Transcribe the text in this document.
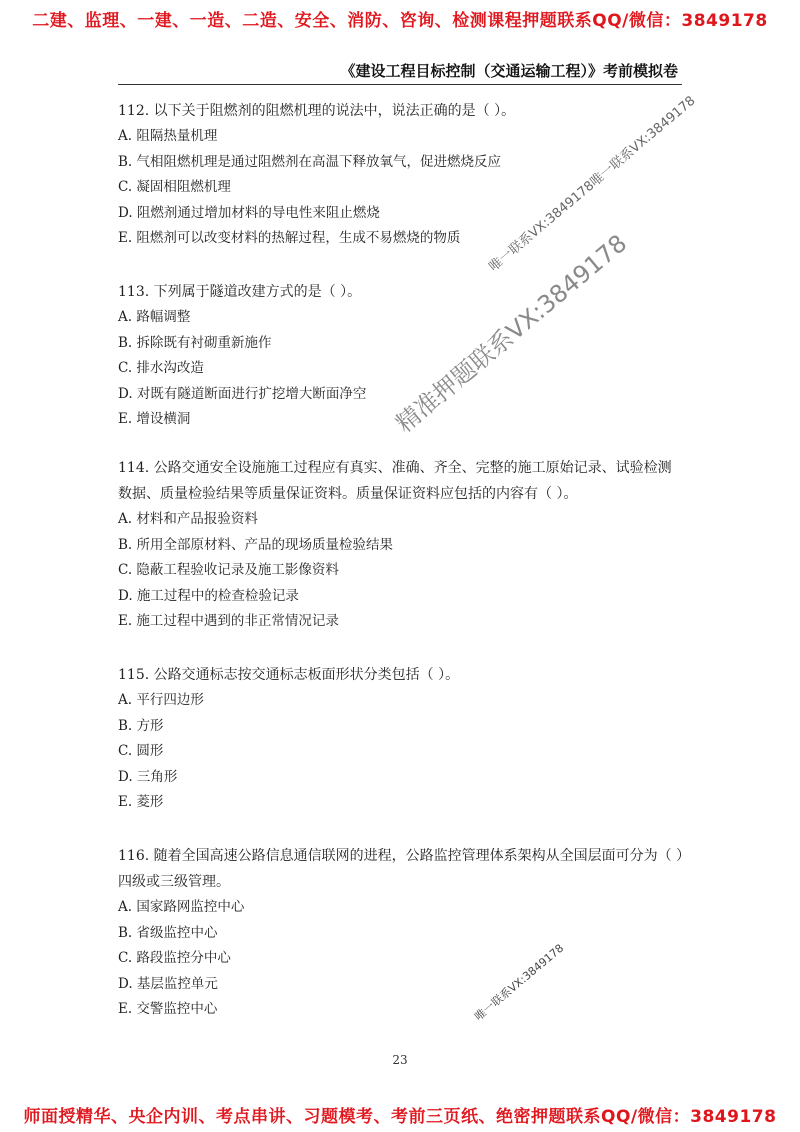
二建、监理、一建、一造、二造、安全、消防、咨询、检测课程押题联系QQ/微信：3849178
《建设工程目标控制（交通运输工程）》考前模拟卷

112. 以下关于阻燃剂的阻燃机理的说法中，说法正确的是（ ）。

A. 阻隔热量机理
B. 气相阻燃机理是通过阻燃剂在高温下释放氧气，促进燃烧反应
C. 凝固相阻燃机理
D. 阻燃剂通过增加材料的导电性来阻止燃烧
E. 阻燃剂可以改变材料的热解过程，生成不易燃烧的物质

113. 下列属于隧道改建方式的是（ ）。

A. 路幅调整
B. 拆除既有衬砌重新施作
C. 排水沟改造
D. 对既有隧道断面进行扩挖增大断面净空
E. 增设横洞

114. 公路交通安全设施施工过程应有真实、准确、齐全、完整的施工原始记录、试验检测数据、质量检验结果等质量保证资料。质量保证资料应包括的内容有（ ）。

A. 材料和产品报验资料
B. 所用全部原材料、产品的现场质量检验结果
C. 隐蔽工程验收记录及施工影像资料
D. 施工过程中的检查检验记录
E. 施工过程中遇到的非正常情况记录

115. 公路交通标志按交通标志板面形状分类包括（ ）。

A. 平行四边形
B. 方形
C. 圆形
D. 三角形
E. 菱形

116. 随着全国高速公路信息通信联网的进程，公路监控管理体系架构从全国层面可分为（ ）四级或三级管理。

A. 国家路网监控中心
B. 省级监控中心
C. 路段监控分中心
D. 基层监控单元
E. 交警监控中心
23
唯一联系VX:3849178唯一联系VX:3849178
精准押题联系VX:3849178
唯一联系VX:3849178
师面授精华、央企内训、考点串讲、习题模考、考前三页纸、绝密押题联系QQ/微信：3849178
